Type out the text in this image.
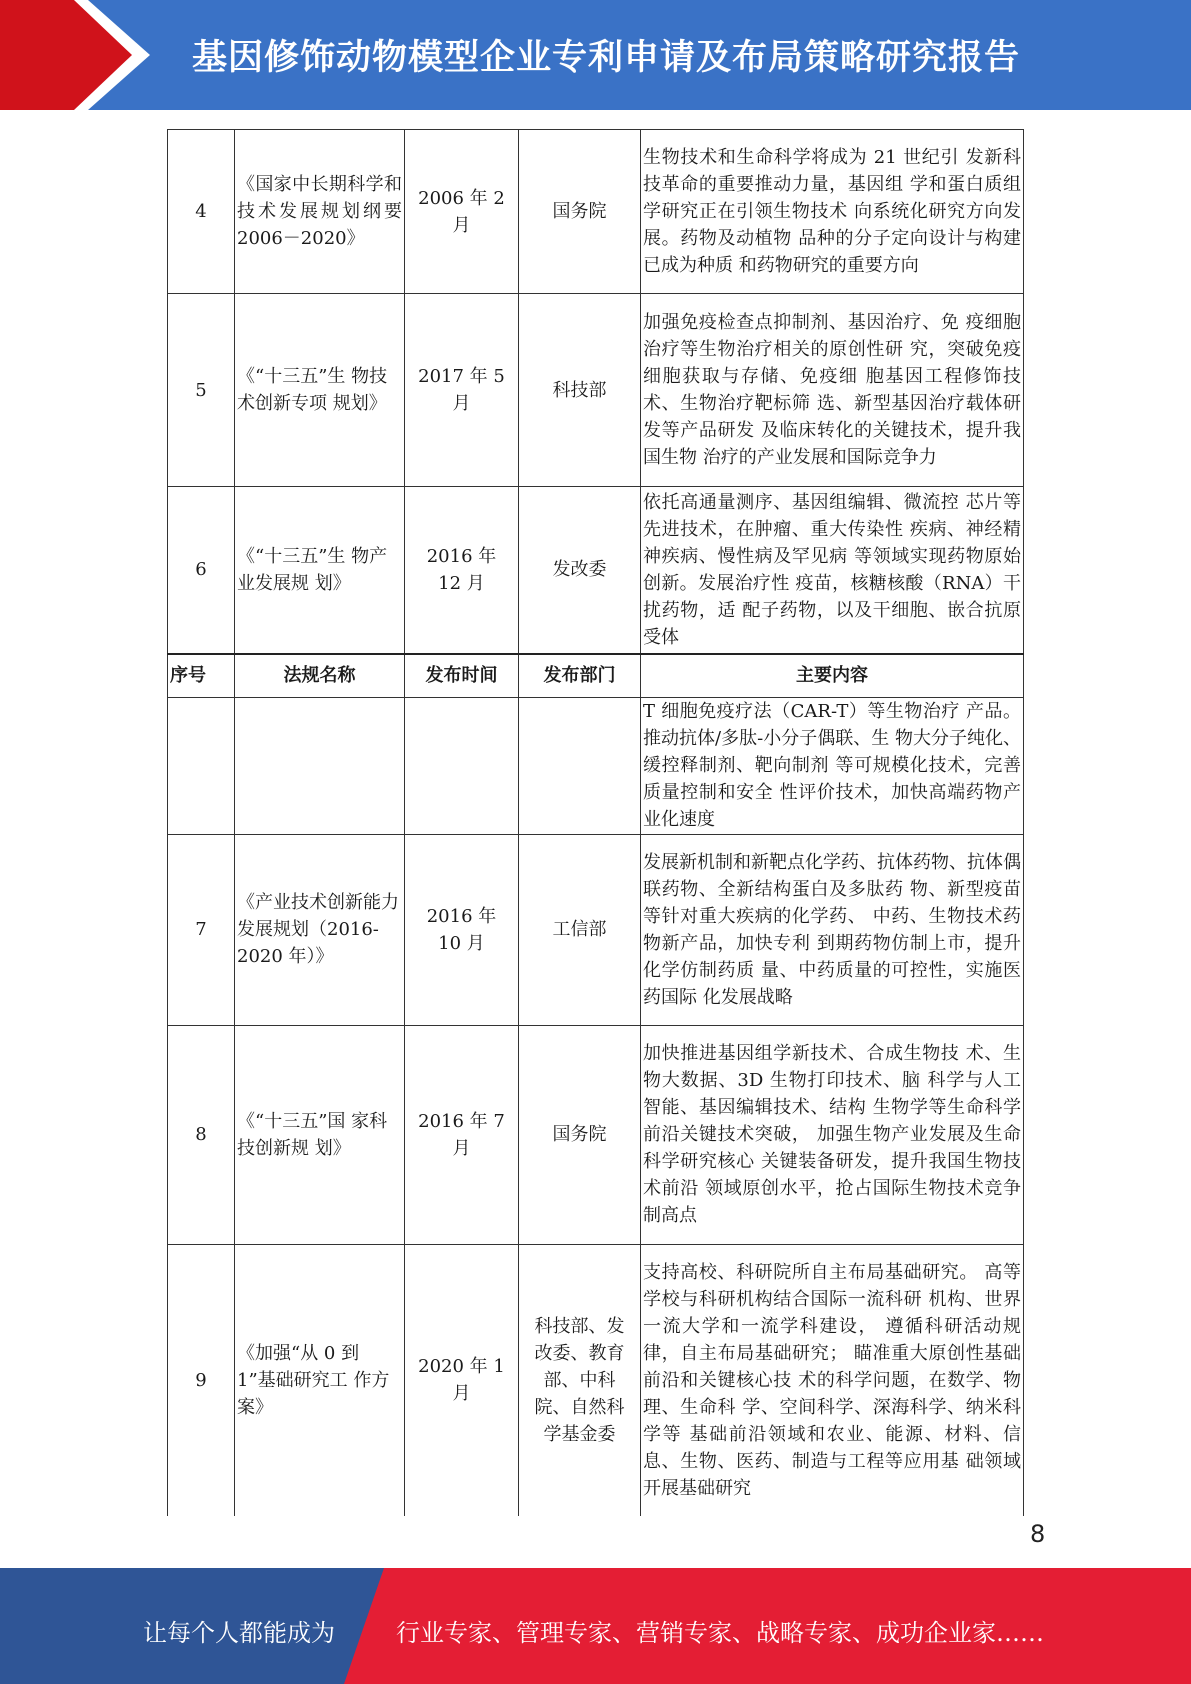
基因修饰动物模型企业专利申请及布局策略研究报告
4	《国家中长期科学和技术发展规划纲要 2006－2020》	2006 年 2 月	国务院	生物技术和生命科学将成为 21 世纪引 发新科技革命的重要推动力量，基因组 学和蛋白质组学研究正在引领生物技术 向系统化研究方向发展。药物及动植物 品种的分子定向设计与构建已成为种质 和药物研究的重要方向
5	《“十三五”生 物技术创新专项 规划》	2017 年 5 月	科技部	加强免疫检查点抑制剂、基因治疗、免 疫细胞治疗等生物治疗相关的原创性研 究，突破免疫细胞获取与存储、免疫细 胞基因工程修饰技术、生物治疗靶标筛 选、新型基因治疗载体研发等产品研发 及临床转化的关键技术，提升我国生物 治疗的产业发展和国际竞争力
6	《“十三五”生 物产业发展规 划》	2016 年 12 月	发改委	依托高通量测序、基因组编辑、微流控 芯片等先进技术，在肿瘤、重大传染性 疾病、神经精神疾病、慢性病及罕见病 等领域实现药物原始创新。发展治疗性 疫苗，核糖核酸（RNA）干扰药物，适 配子药物，以及干细胞、嵌合抗原受体
序号	法规名称	发布时间	发布部门	主要内容
				T 细胞免疫疗法（CAR-T）等生物治疗 产品。推动抗体/多肽-小分子偶联、生 物大分子纯化、缓控释制剂、靶向制剂 等可规模化技术，完善质量控制和安全 性评价技术，加快高端药物产业化速度
7	《产业技术创新能力发展规划（2016-2020 年）》	2016 年 10 月	工信部	发展新机制和新靶点化学药、抗体药物、抗体偶联药物、全新结构蛋白及多肽药 物、新型疫苗等针对重大疾病的化学药、 中药、生物技术药物新产品，加快专利 到期药物仿制上市，提升化学仿制药质 量、中药质量的可控性，实施医药国际 化发展战略
8	《“十三五”国 家科技创新规 划》	2016 年 7 月	国务院	加快推进基因组学新技术、合成生物技 术、生物大数据、3D 生物打印技术、脑 科学与人工智能、基因编辑技术、结构 生物学等生命科学前沿关键技术突破， 加强生物产业发展及生命科学研究核心 关键装备研发，提升我国生物技术前沿 领域原创水平，抢占国际生物技术竞争 制高点
9	《加强“从 0 到 1”基础研究工 作方案》	2020 年 1 月	科技部、发改委、教育部、中科院、自然科学基金委	支持高校、科研院所自主布局基础研究。 高等学校与科研机构结合国际一流科研 机构、世界一流大学和一流学科建设， 遵循科研活动规律，自主布局基础研究； 瞄准重大原创性基础前沿和关键核心技 术的科学问题，在数学、物理、生命科 学、空间科学、深海科学、纳米科学等 基础前沿领域和农业、能源、材料、信 息、生物、医药、制造与工程等应用基 础领域开展基础研究
8
让每个人都能成为	行业专家、管理专家、营销专家、战略专家、成功企业家……
